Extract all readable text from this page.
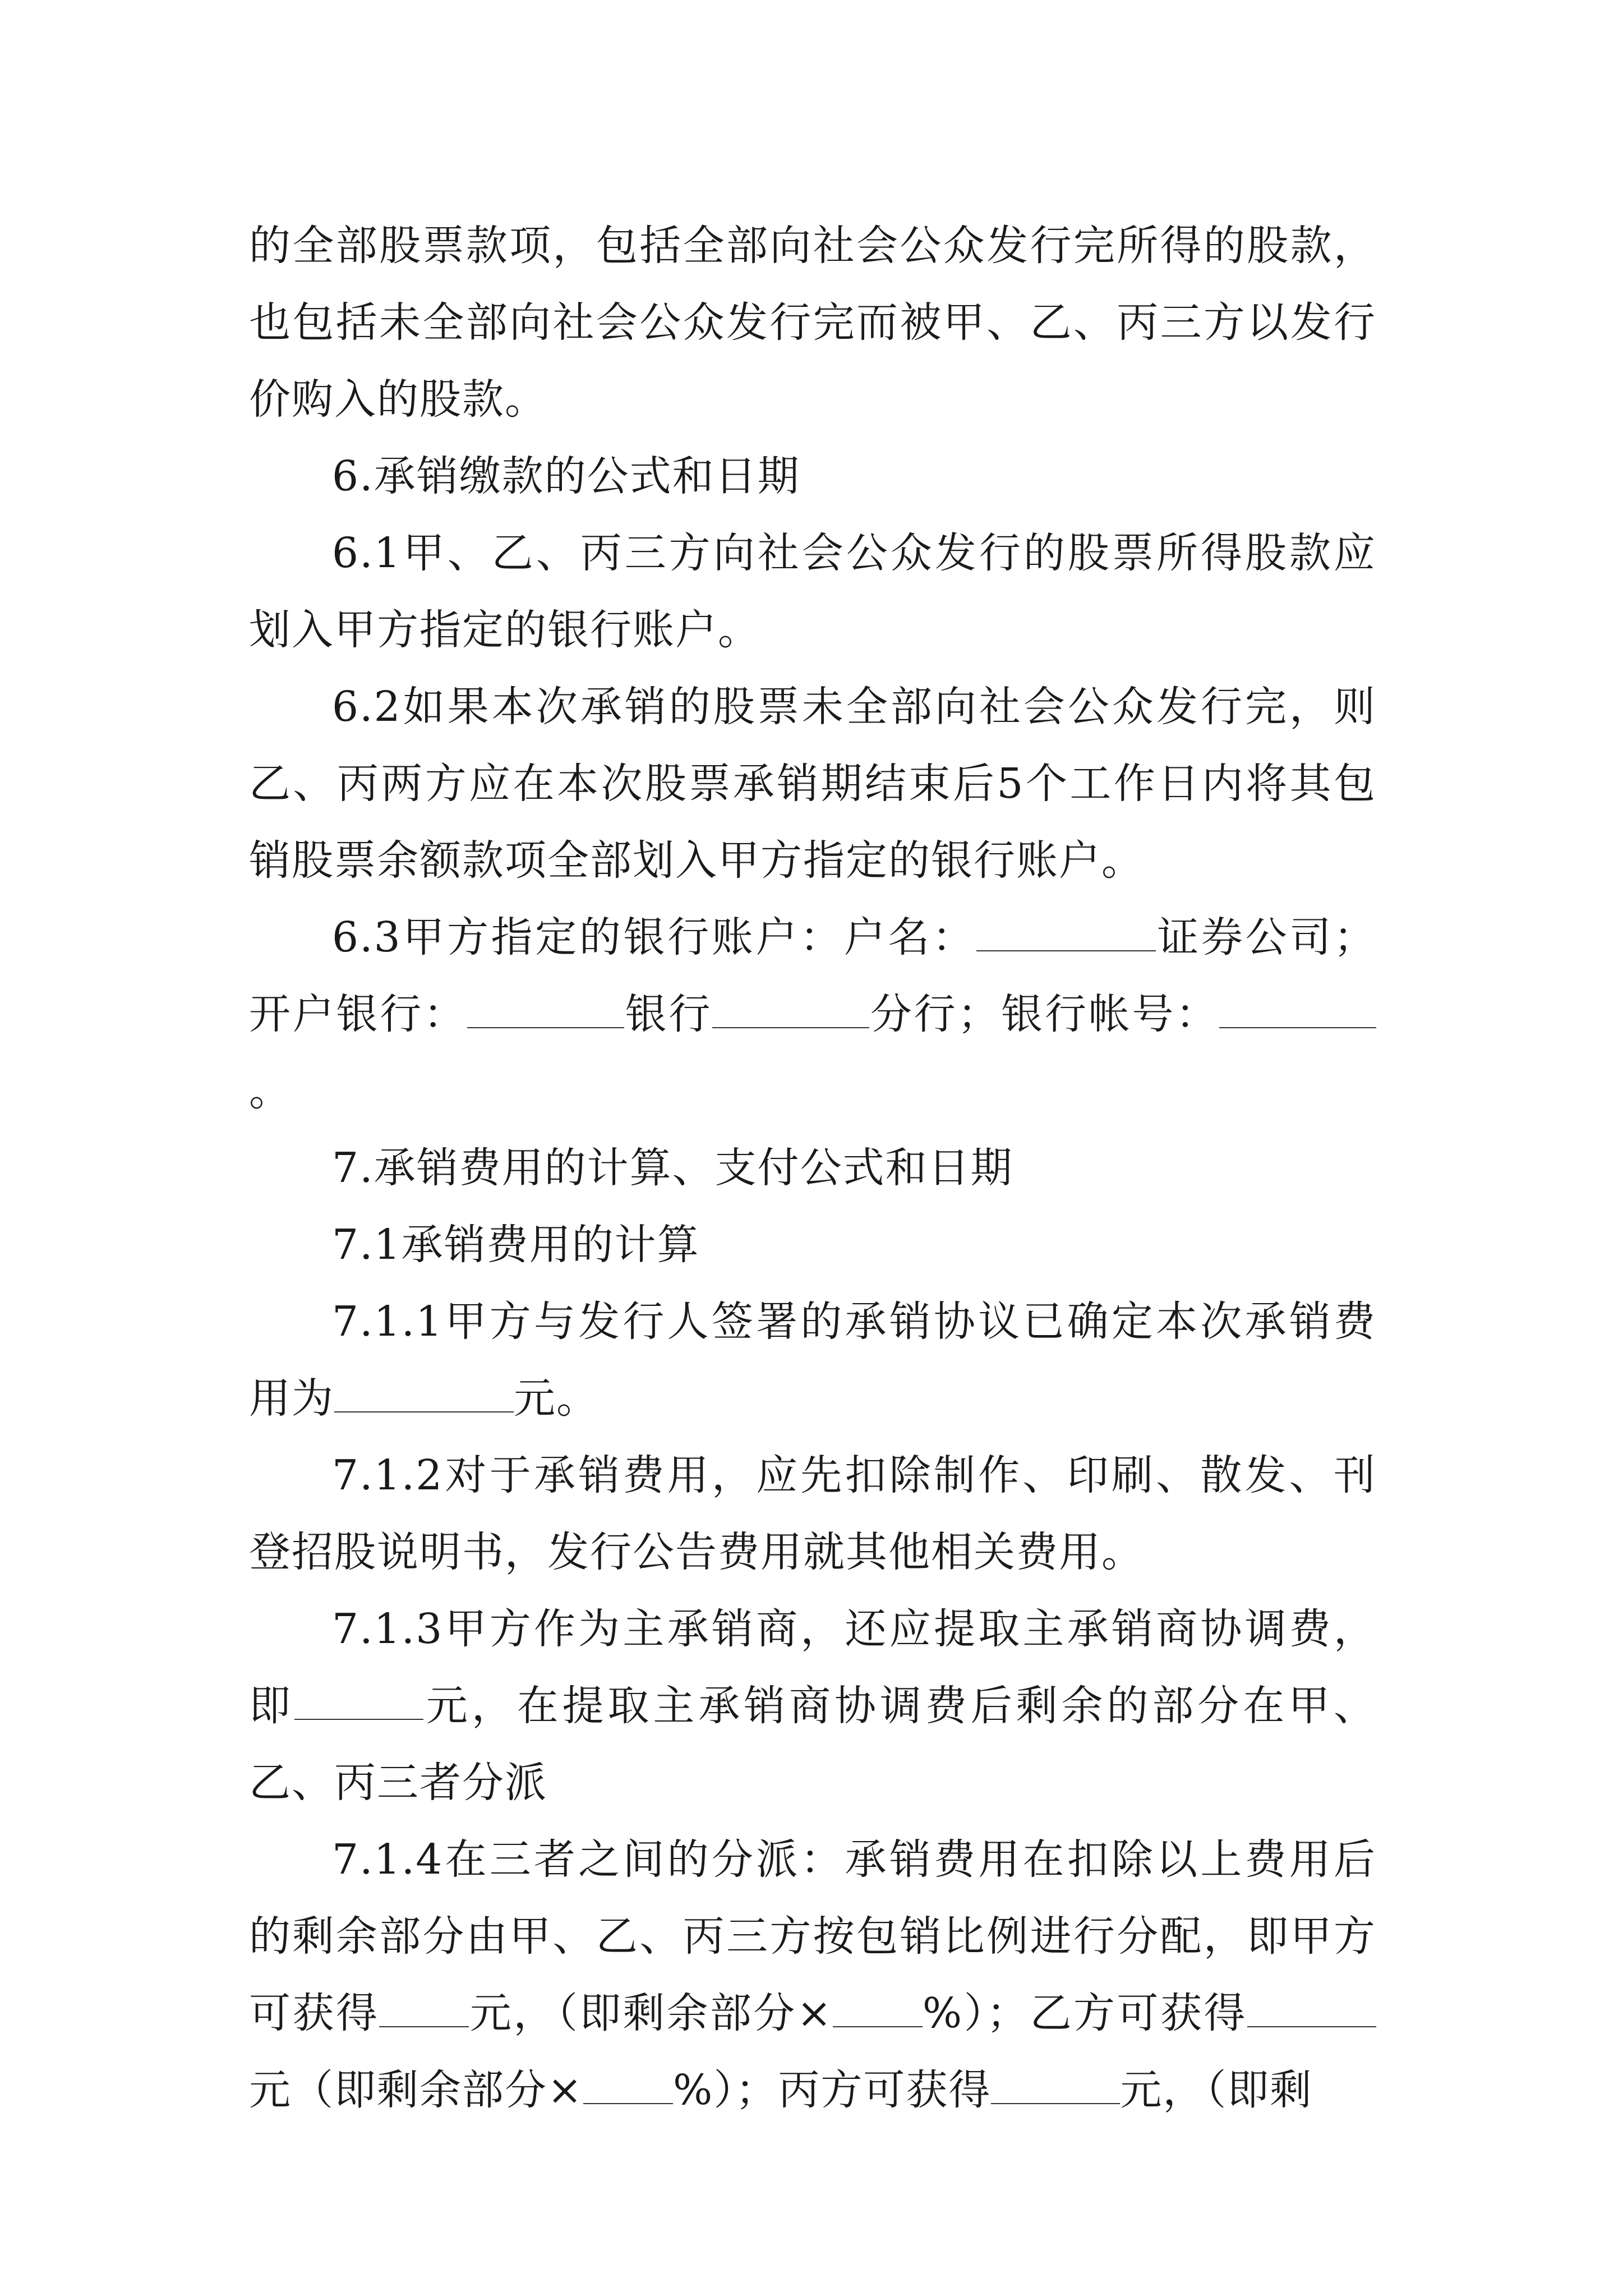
的全部股票款项，包括全部向社会公众发行完所得的股款，也包括未全部向社会公众发行完而被甲、乙、丙三方以发行价购入的股款。

6.承销缴款的公式和日期

6.1甲、乙、丙三方向社会公众发行的股票所得股款应划入甲方指定的银行账户。

6.2如果本次承销的股票未全部向社会公众发行完，则乙、丙两方应在本次股票承销期结束后5个工作日内将其包销股票余额款项全部划入甲方指定的银行账户。

6.3甲方指定的银行账户：户名：	证券公司；开户银行：	银行	分行；银行帐号：。

7.承销费用的计算、支付公式和日期

7.1承销费用的计算

7.1.1甲方与发行人签署的承销协议已确定本次承销费用为	元。

7.1.2对于承销费用，应先扣除制作、印刷、散发、刊登招股说明书，发行公告费用就其他相关费用。

7.1.3甲方作为主承销商，还应提取主承销商协调费，即	元，在提取主承销商协调费后剩余的部分在甲、乙、丙三者分派

7.1.4在三者之间的分派：承销费用在扣除以上费用后的剩余部分由甲、乙、丙三方按包销比例进行分配，即甲方可获得 元，（即剩余部分× %）；乙方可获得元（即剩余部分× %）；丙方可获得	元，（即剩
